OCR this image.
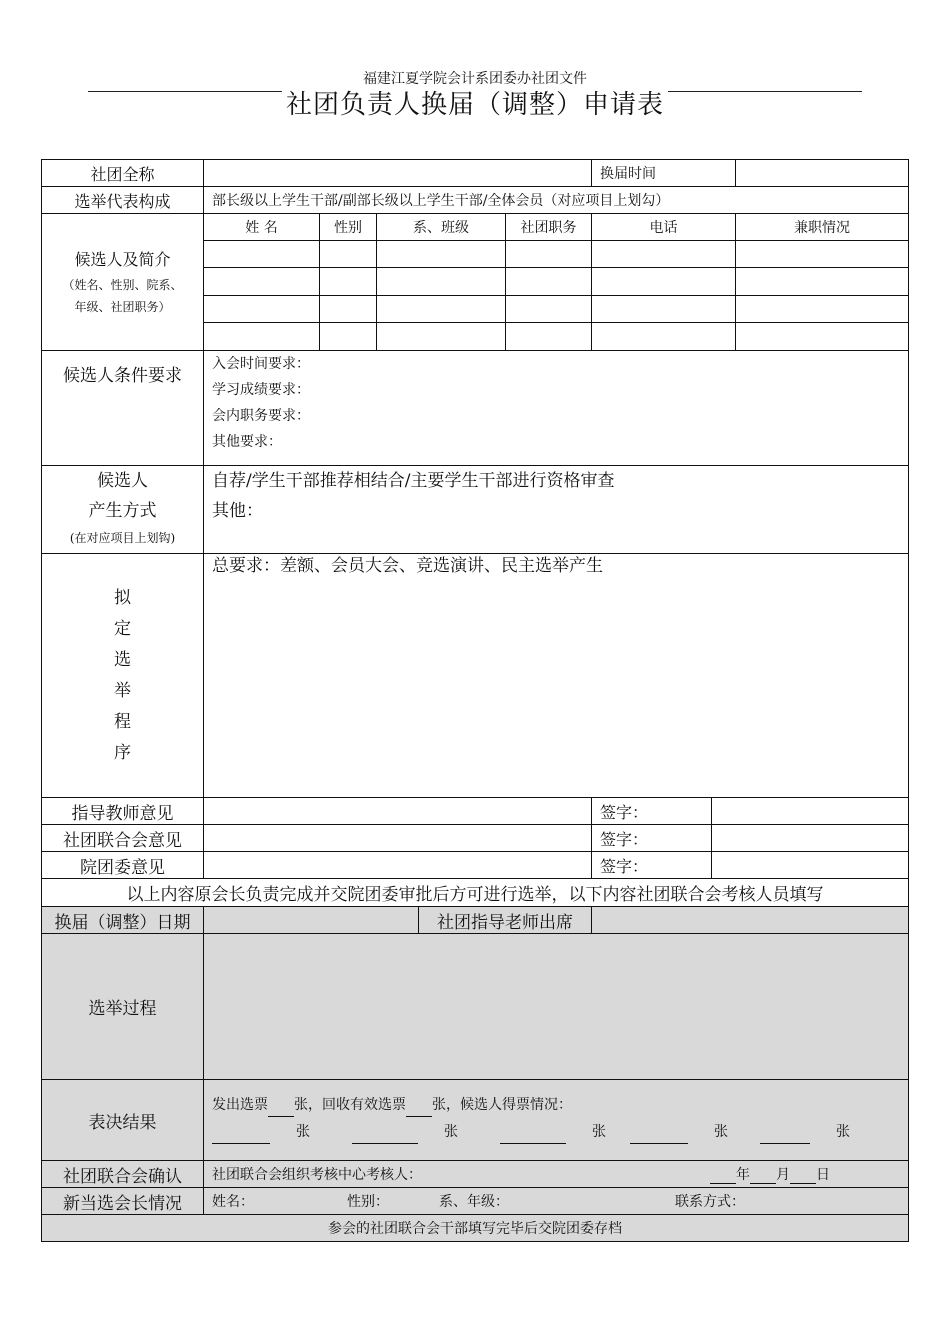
福建江夏学院会计系团委办社团文件
社团负责人换届（调整）申请表
社团全称	换届时间
选举代表构成	部长级以上学生干部/副部长级以上学生干部/全体会员（对应项目上划勾）
候选人及简介
（姓名、性别、院系、
年级、社团职务）
姓 名	性别	系、班级	社团职务	电话	兼职情况
候选人条件要求
入会时间要求：
学习成绩要求：
会内职务要求：
其他要求：
候选人
产生方式
(在对应项目上划钩)
自荐/学生干部推荐相结合/主要学生干部进行资格审查
其他：
拟
定
选
举
程
序
总要求：差额、会员大会、竞选演讲、民主选举产生
指导教师意见	签字：
社团联合会意见	签字：
院团委意见	签字：
以上内容原会长负责完成并交院团委审批后方可进行选举，以下内容社团联合会考核人员填写
换届（调整）日期	社团指导老师出席
选举过程
表决结果
发出选票 张，回收有效选票 张，候选人得票情况：
张	张	张	张	张
社团联合会确认	社团联合会组织考核中心考核人：	年 月 日
新当选会长情况	姓名：	性别：	系、年级：	联系方式：
参会的社团联合会干部填写完毕后交院团委存档
